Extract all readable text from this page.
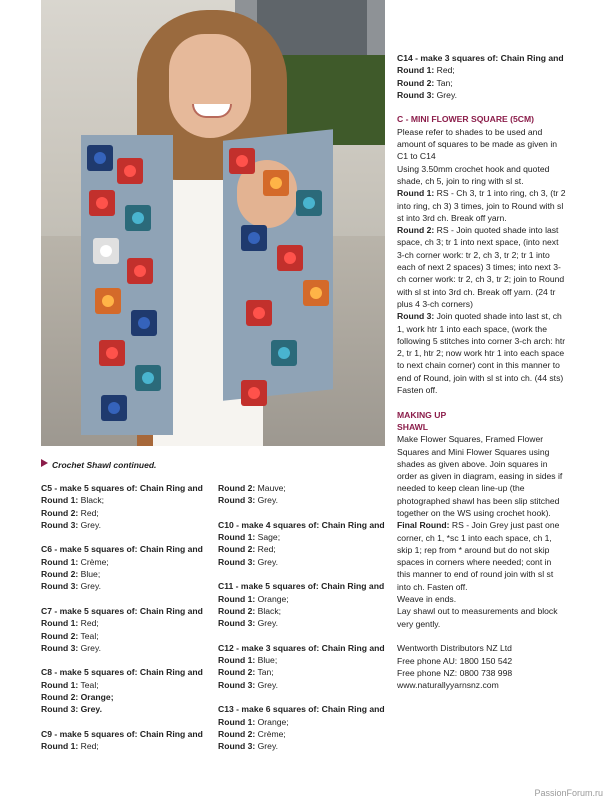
Crochet Shawl continued.

C5 - make 5 squares of: Chain Ring and Round 1: Black;

Round 2: Red;

Round 3: Grey.

C6 - make 5 squares of: Chain Ring and Round 1: Crème;

Round 2: Blue;

Round 3: Grey.

C7 - make 5 squares of: Chain Ring and Round 1: Red;

Round 2: Teal;

Round 3: Grey.

C8 - make 5 squares of: Chain Ring and Round 1: Teal;

Round 2: Orange;

Round 3: Grey.

C9 - make 5 squares of: Chain Ring and Round 1: Red;

Round 2: Mauve;

Round 3: Grey.

C10 - make 4 squares of: Chain Ring and Round 1: Sage;

Round 2: Red;

Round 3: Grey.

C11 - make 5 squares of: Chain Ring and Round 1: Orange;

Round 2: Black;

Round 3: Grey.

C12 - make 3 squares of: Chain Ring and Round 1: Blue;

Round 2: Tan;

Round 3: Grey.

C13 - make 6 squares of: Chain Ring and Round 1: Orange;

Round 2: Crème;

Round 3: Grey.

C14 - make 3 squares of: Chain Ring and Round 1: Red;

Round 2: Tan;

Round 3: Grey.

C - MINI FLOWER SQUARE (5CM)

Please refer to shades to be used and amount of squares to be made as given in C1 to C14

Using 3.50mm crochet hook and quoted shade, ch 5, join to ring with sl st.

Round 1: RS - Ch 3, tr 1 into ring, ch 3, (tr 2 into ring, ch 3) 3 times, join to Round with sl st into 3rd ch. Break off yarn.

Round 2: RS - Join quoted shade into last space, ch 3; tr 1 into next space, (into next 3-ch corner work: tr 2, ch 3, tr 2; tr 1 into each of next 2 spaces) 3 times; into next 3-ch corner work: tr 2, ch 3, tr 2; join to Round with sl st into 3rd ch. Break off yarn. (24 tr plus 4 3-ch corners)

Round 3: Join quoted shade into last st, ch 1, work htr 1 into each space, (work the following 5 stitches into corner 3-ch arch: htr 2, tr 1, htr 2; now work htr 1 into each space to next chain corner) cont in this manner to end of Round, join with sl st into ch. (44 sts) Fasten off.

MAKING UP

SHAWL

Make Flower Squares, Framed Flower Squares and Mini Flower Squares using shades as given above. Join squares in order as given in diagram, easing in sides if needed to keep clean line-up (the photographed shawl has been slip stitched together on the WS using crochet hook).

Final Round: RS - Join Grey just past one corner, ch 1, *sc 1 into each space, ch 1, skip 1; rep from * around but do not skip spaces in corners where needed; cont in this manner to end of round join with sl st into ch. Fasten off.

Weave in ends.

Lay shawl out to measurements and block very gently.

Wentworth Distributors NZ Ltd

Free phone AU: 1800 150 542

Free phone NZ: 0800 738 998

www.naturallyyarnsnz.com

PassionForum.ru
